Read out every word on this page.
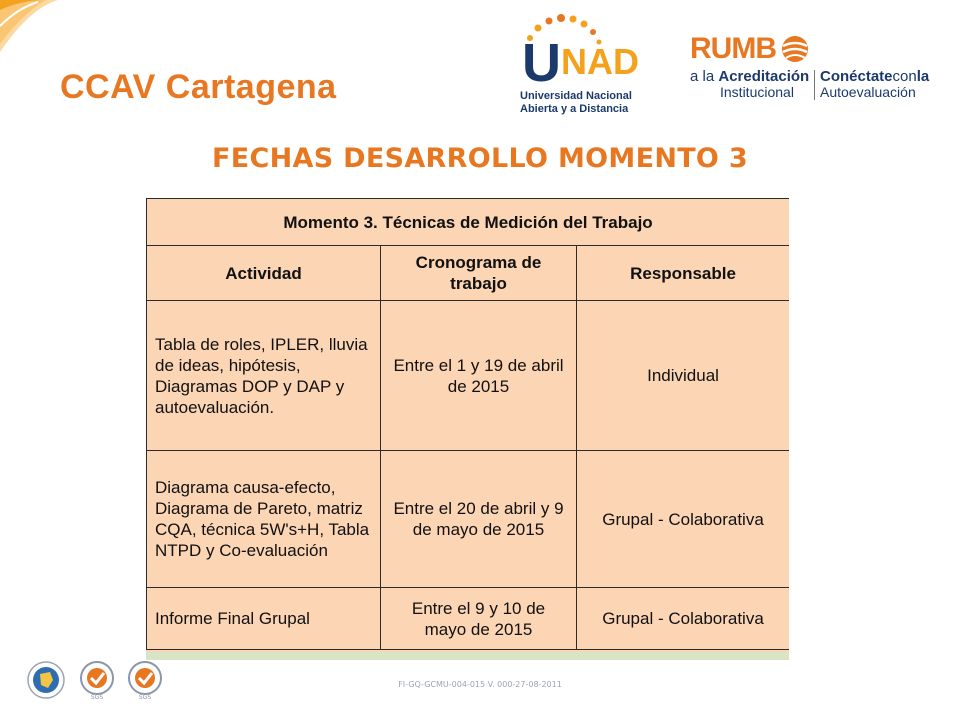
CCAV Cartagena	UNAD
Universidad Nacional
Abierta y a Distancia
RUMB
a la Acreditación
Institucional
Conéctateconla
Autoevaluación
FECHAS DESARROLLO MOMENTO 3
Momento 3. Técnicas de Medición del Trabajo		
Actividad	Cronograma de trabajo	Responsable
Tabla de roles, IPLER, lluvia de ideas, hipótesis, Diagramas DOP y DAP y autoevaluación.	Entre el 1 y 19 de abril de 2015	Individual
Diagrama causa-efecto, Diagrama de Pareto, matriz CQA, técnica 5W's+H, Tabla NTPD y Co-evaluación	Entre el 20 de abril y 9 de mayo de 2015	Grupal - Colaborativa
Informe Final Grupal	Entre el 9 y 10 de mayo de 2015	Grupal - Colaborativa
SGS	SGS
FI-GQ-GCMU-004-015 V. 000-27-08-2011
